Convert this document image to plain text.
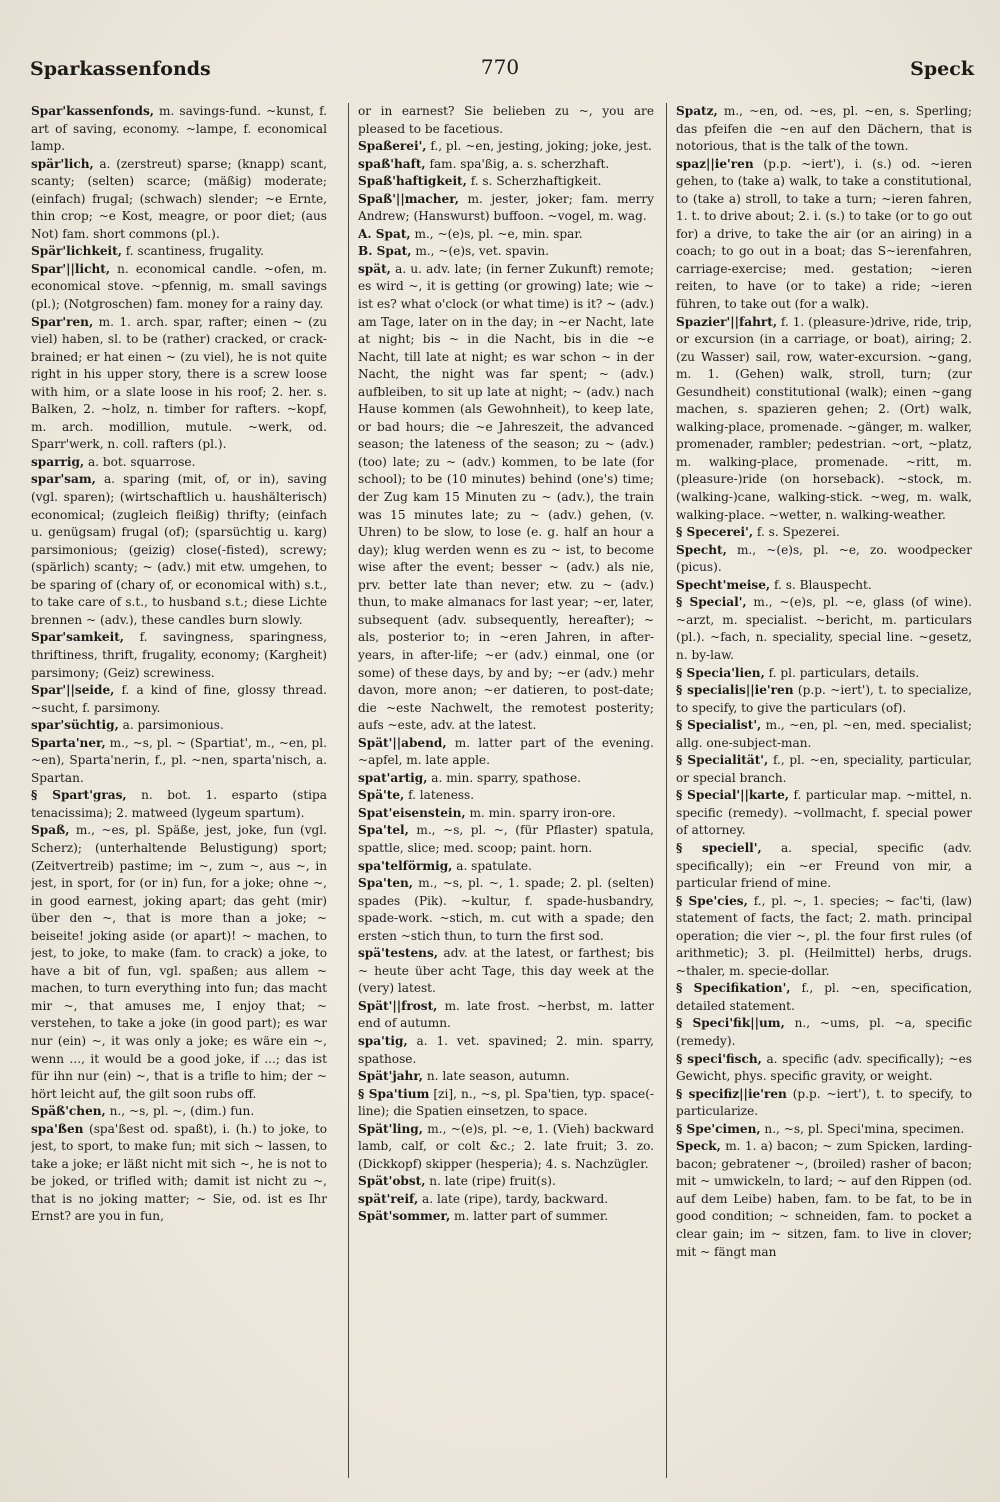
Sparkassenfonds	770	Speck

Spar'kassenfonds, m. savings-fund. ~kunst, f. art of saving, economy. ~lampe, f. economical lamp.

spär'lich, a. (zerstreut) sparse; (knapp) scant, scanty; (selten) scarce; (mäßig) moderate; (einfach) frugal; (schwach) slender; ~e Ernte, thin crop; ~e Kost, meagre, or poor diet; (aus Not) fam. short commons (pl.).

Spär'lichkeit, f. scantiness, frugality.

Spar'||licht, n. economical candle. ~ofen, m. economical stove. ~pfennig, m. small savings (pl.); (Notgroschen) fam. money for a rainy day.

Spar'ren, m. 1. arch. spar, rafter; einen ~ (zu viel) haben, sl. to be (rather) cracked, or crack-brained; er hat einen ~ (zu viel), he is not quite right in his upper story, there is a screw loose with him, or a slate loose in his roof; 2. her. s. Balken, 2. ~holz, n. timber for rafters. ~kopf, m. arch. modillion, mutule. ~werk, od. Sparr'werk, n. coll. rafters (pl.).

sparrig, a. bot. squarrose.

spar'sam, a. sparing (mit, of, or in), saving (vgl. sparen); (wirtschaftlich u. haushälterisch) economical; (zugleich fleißig) thrifty; (einfach u. genügsam) frugal (of); (sparsüchtig u. karg) parsimonious; (geizig) close(-fisted), screwy; (spärlich) scanty; ~ (adv.) mit etw. umgehen, to be sparing of (chary of, or economical with) s.t., to take care of s.t., to husband s.t.; diese Lichte brennen ~ (adv.), these candles burn slowly.

Spar'samkeit, f. savingness, sparingness, thriftiness, thrift, frugality, economy; (Kargheit) parsimony; (Geiz) screwiness.

Spar'||seide, f. a kind of fine, glossy thread. ~sucht, f. parsimony.

spar'süchtig, a. parsimonious.

Sparta'ner, m., ~s, pl. ~ (Spartiat', m., ~en, pl. ~en), Sparta'nerin, f., pl. ~nen, sparta'nisch, a. Spartan.

§ Spart'gras, n. bot. 1. esparto (stipa tenacissima); 2. matweed (lygeum spartum).

Spaß, m., ~es, pl. Späße, jest, joke, fun (vgl. Scherz); (unterhaltende Belustigung) sport; (Zeitvertreib) pastime; im ~, zum ~, aus ~, in jest, in sport, for (or in) fun, for a joke; ohne ~, in good earnest, joking apart; das geht (mir) über den ~, that is more than a joke; ~ beiseite! joking aside (or apart)! ~ machen, to jest, to joke, to make (fam. to crack) a joke, to have a bit of fun, vgl. spaßen; aus allem ~ machen, to turn everything into fun; das macht mir ~, that amuses me, I enjoy that; ~ verstehen, to take a joke (in good part); es war nur (ein) ~, it was only a joke; es wäre ein ~, wenn ..., it would be a good joke, if ...; das ist für ihn nur (ein) ~, that is a trifle to him; der ~ hört leicht auf, the gilt soon rubs off.

Späß'chen, n., ~s, pl. ~, (dim.) fun.

spa'ßen (spa'ßest od. spaßt), i. (h.) to joke, to jest, to sport, to make fun; mit sich ~ lassen, to take a joke; er läßt nicht mit sich ~, he is not to be joked, or trifled with; damit ist nicht zu ~, that is no joking matter; ~ Sie, od. ist es Ihr Ernst? are you in fun,

or in earnest? Sie belieben zu ~, you are pleased to be facetious.

Spaßerei', f., pl. ~en, jesting, joking; joke, jest.

spaß'haft, fam. spa'ßig, a. s. scherzhaft.

Spaß'haftigkeit, f. s. Scherzhaftigkeit.

Spaß'||macher, m. jester, joker; fam. merry Andrew; (Hanswurst) buffoon. ~vogel, m. wag.

A. Spat, m., ~(e)s, pl. ~e, min. spar.

B. Spat, m., ~(e)s, vet. spavin.

spät, a. u. adv. late; (in ferner Zukunft) remote; es wird ~, it is getting (or growing) late; wie ~ ist es? what o'clock (or what time) is it? ~ (adv.) am Tage, later on in the day; in ~er Nacht, late at night; bis ~ in die Nacht, bis in die ~e Nacht, till late at night; es war schon ~ in der Nacht, the night was far spent; ~ (adv.) aufbleiben, to sit up late at night; ~ (adv.) nach Hause kommen (als Gewohnheit), to keep late, or bad hours; die ~e Jahreszeit, the advanced season; the lateness of the season; zu ~ (adv.) (too) late; zu ~ (adv.) kommen, to be late (for school); to be (10 minutes) behind (one's) time; der Zug kam 15 Minuten zu ~ (adv.), the train was 15 minutes late; zu ~ (adv.) gehen, (v. Uhren) to be slow, to lose (e. g. half an hour a day); klug werden wenn es zu ~ ist, to become wise after the event; besser ~ (adv.) als nie, prv. better late than never; etw. zu ~ (adv.) thun, to make almanacs for last year; ~er, later, subsequent (adv. subsequently, hereafter); ~ als, posterior to; in ~eren Jahren, in after-years, in after-life; ~er (adv.) einmal, one (or some) of these days, by and by; ~er (adv.) mehr davon, more anon; ~er datieren, to post-date; die ~este Nachwelt, the remotest posterity; aufs ~este, adv. at the latest.

Spät'||abend, m. latter part of the evening. ~apfel, m. late apple.

spat'artig, a. min. sparry, spathose.

Spä'te, f. lateness.

Spat'eisenstein, m. min. sparry iron-ore.

Spa'tel, m., ~s, pl. ~, (für Pflaster) spatula, spattle, slice; med. scoop; paint. horn.

spa'telförmig, a. spatulate.

Spa'ten, m., ~s, pl. ~, 1. spade; 2. pl. (selten) spades (Pik). ~kultur, f. spade-husbandry, spade-work. ~stich, m. cut with a spade; den ersten ~stich thun, to turn the first sod.

spä'testens, adv. at the latest, or farthest; bis ~ heute über acht Tage, this day week at the (very) latest.

Spät'||frost, m. late frost. ~herbst, m. latter end of autumn.

spa'tig, a. 1. vet. spavined; 2. min. sparry, spathose.

Spät'jahr, n. late season, autumn.

§ Spa'tium [zi], n., ~s, pl. Spa'tien, typ. space(-line); die Spatien einsetzen, to space.

Spät'ling, m., ~(e)s, pl. ~e, 1. (Vieh) backward lamb, calf, or colt &c.; 2. late fruit; 3. zo. (Dickkopf) skipper (hesperia); 4. s. Nachzügler.

Spät'obst, n. late (ripe) fruit(s).

spät'reif, a. late (ripe), tardy, backward.

Spät'sommer, m. latter part of summer.

Spatz, m., ~en, od. ~es, pl. ~en, s. Sperling; das pfeifen die ~en auf den Dächern, that is notorious, that is the talk of the town.

spaz||ie'ren (p.p. ~iert'), i. (s.) od. ~ieren gehen, to (take a) walk, to take a constitutional, to (take a) stroll, to take a turn; ~ieren fahren, 1. t. to drive about; 2. i. (s.) to take (or to go out for) a drive, to take the air (or an airing) in a coach; to go out in a boat; das S~ierenfahren, carriage-exercise; med. gestation; ~ieren reiten, to have (or to take) a ride; ~ieren führen, to take out (for a walk).

Spazier'||fahrt, f. 1. (pleasure-)drive, ride, trip, or excursion (in a carriage, or boat), airing; 2. (zu Wasser) sail, row, water-excursion. ~gang, m. 1. (Gehen) walk, stroll, turn; (zur Gesundheit) constitutional (walk); einen ~gang machen, s. spazieren gehen; 2. (Ort) walk, walking-place, promenade. ~gänger, m. walker, promenader, rambler; pedestrian. ~ort, ~platz, m. walking-place, promenade. ~ritt, m. (pleasure-)ride (on horseback). ~stock, m. (walking-)cane, walking-stick. ~weg, m. walk, walking-place. ~wetter, n. walking-weather.

§ Specerei', f. s. Spezerei.

Specht, m., ~(e)s, pl. ~e, zo. woodpecker (picus).

Specht'meise, f. s. Blauspecht.

§ Special', m., ~(e)s, pl. ~e, glass (of wine). ~arzt, m. specialist. ~bericht, m. particulars (pl.). ~fach, n. speciality, special line. ~gesetz, n. by-law.

§ Specia'lien, f. pl. particulars, details.

§ specialis||ie'ren (p.p. ~iert'), t. to specialize, to specify, to give the particulars (of).

§ Specialist', m., ~en, pl. ~en, med. specialist; allg. one-subject-man.

§ Specialität', f., pl. ~en, speciality, particular, or special branch.

§ Special'||karte, f. particular map. ~mittel, n. specific (remedy). ~vollmacht, f. special power of attorney.

§ speciell', a. special, specific (adv. specifically); ein ~er Freund von mir, a particular friend of mine.

§ Spe'cies, f., pl. ~, 1. species; ~ fac'ti, (law) statement of facts, the fact; 2. math. principal operation; die vier ~, pl. the four first rules (of arithmetic); 3. pl. (Heilmittel) herbs, drugs. ~thaler, m. specie-dollar.

§ Specifikation', f., pl. ~en, specification, detailed statement.

§ Speci'fik||um, n., ~ums, pl. ~a, specific (remedy).

§ speci'fisch, a. specific (adv. specifically); ~es Gewicht, phys. specific gravity, or weight.

§ specifiz||ie'ren (p.p. ~iert'), t. to specify, to particularize.

§ Spe'cimen, n., ~s, pl. Speci'mina, specimen.

Speck, m. 1. a) bacon; ~ zum Spicken, larding-bacon; gebratener ~, (broiled) rasher of bacon; mit ~ umwickeln, to lard; ~ auf den Rippen (od. auf dem Leibe) haben, fam. to be fat, to be in good condition; ~ schneiden, fam. to pocket a clear gain; im ~ sitzen, fam. to live in clover; mit ~ fängt man
